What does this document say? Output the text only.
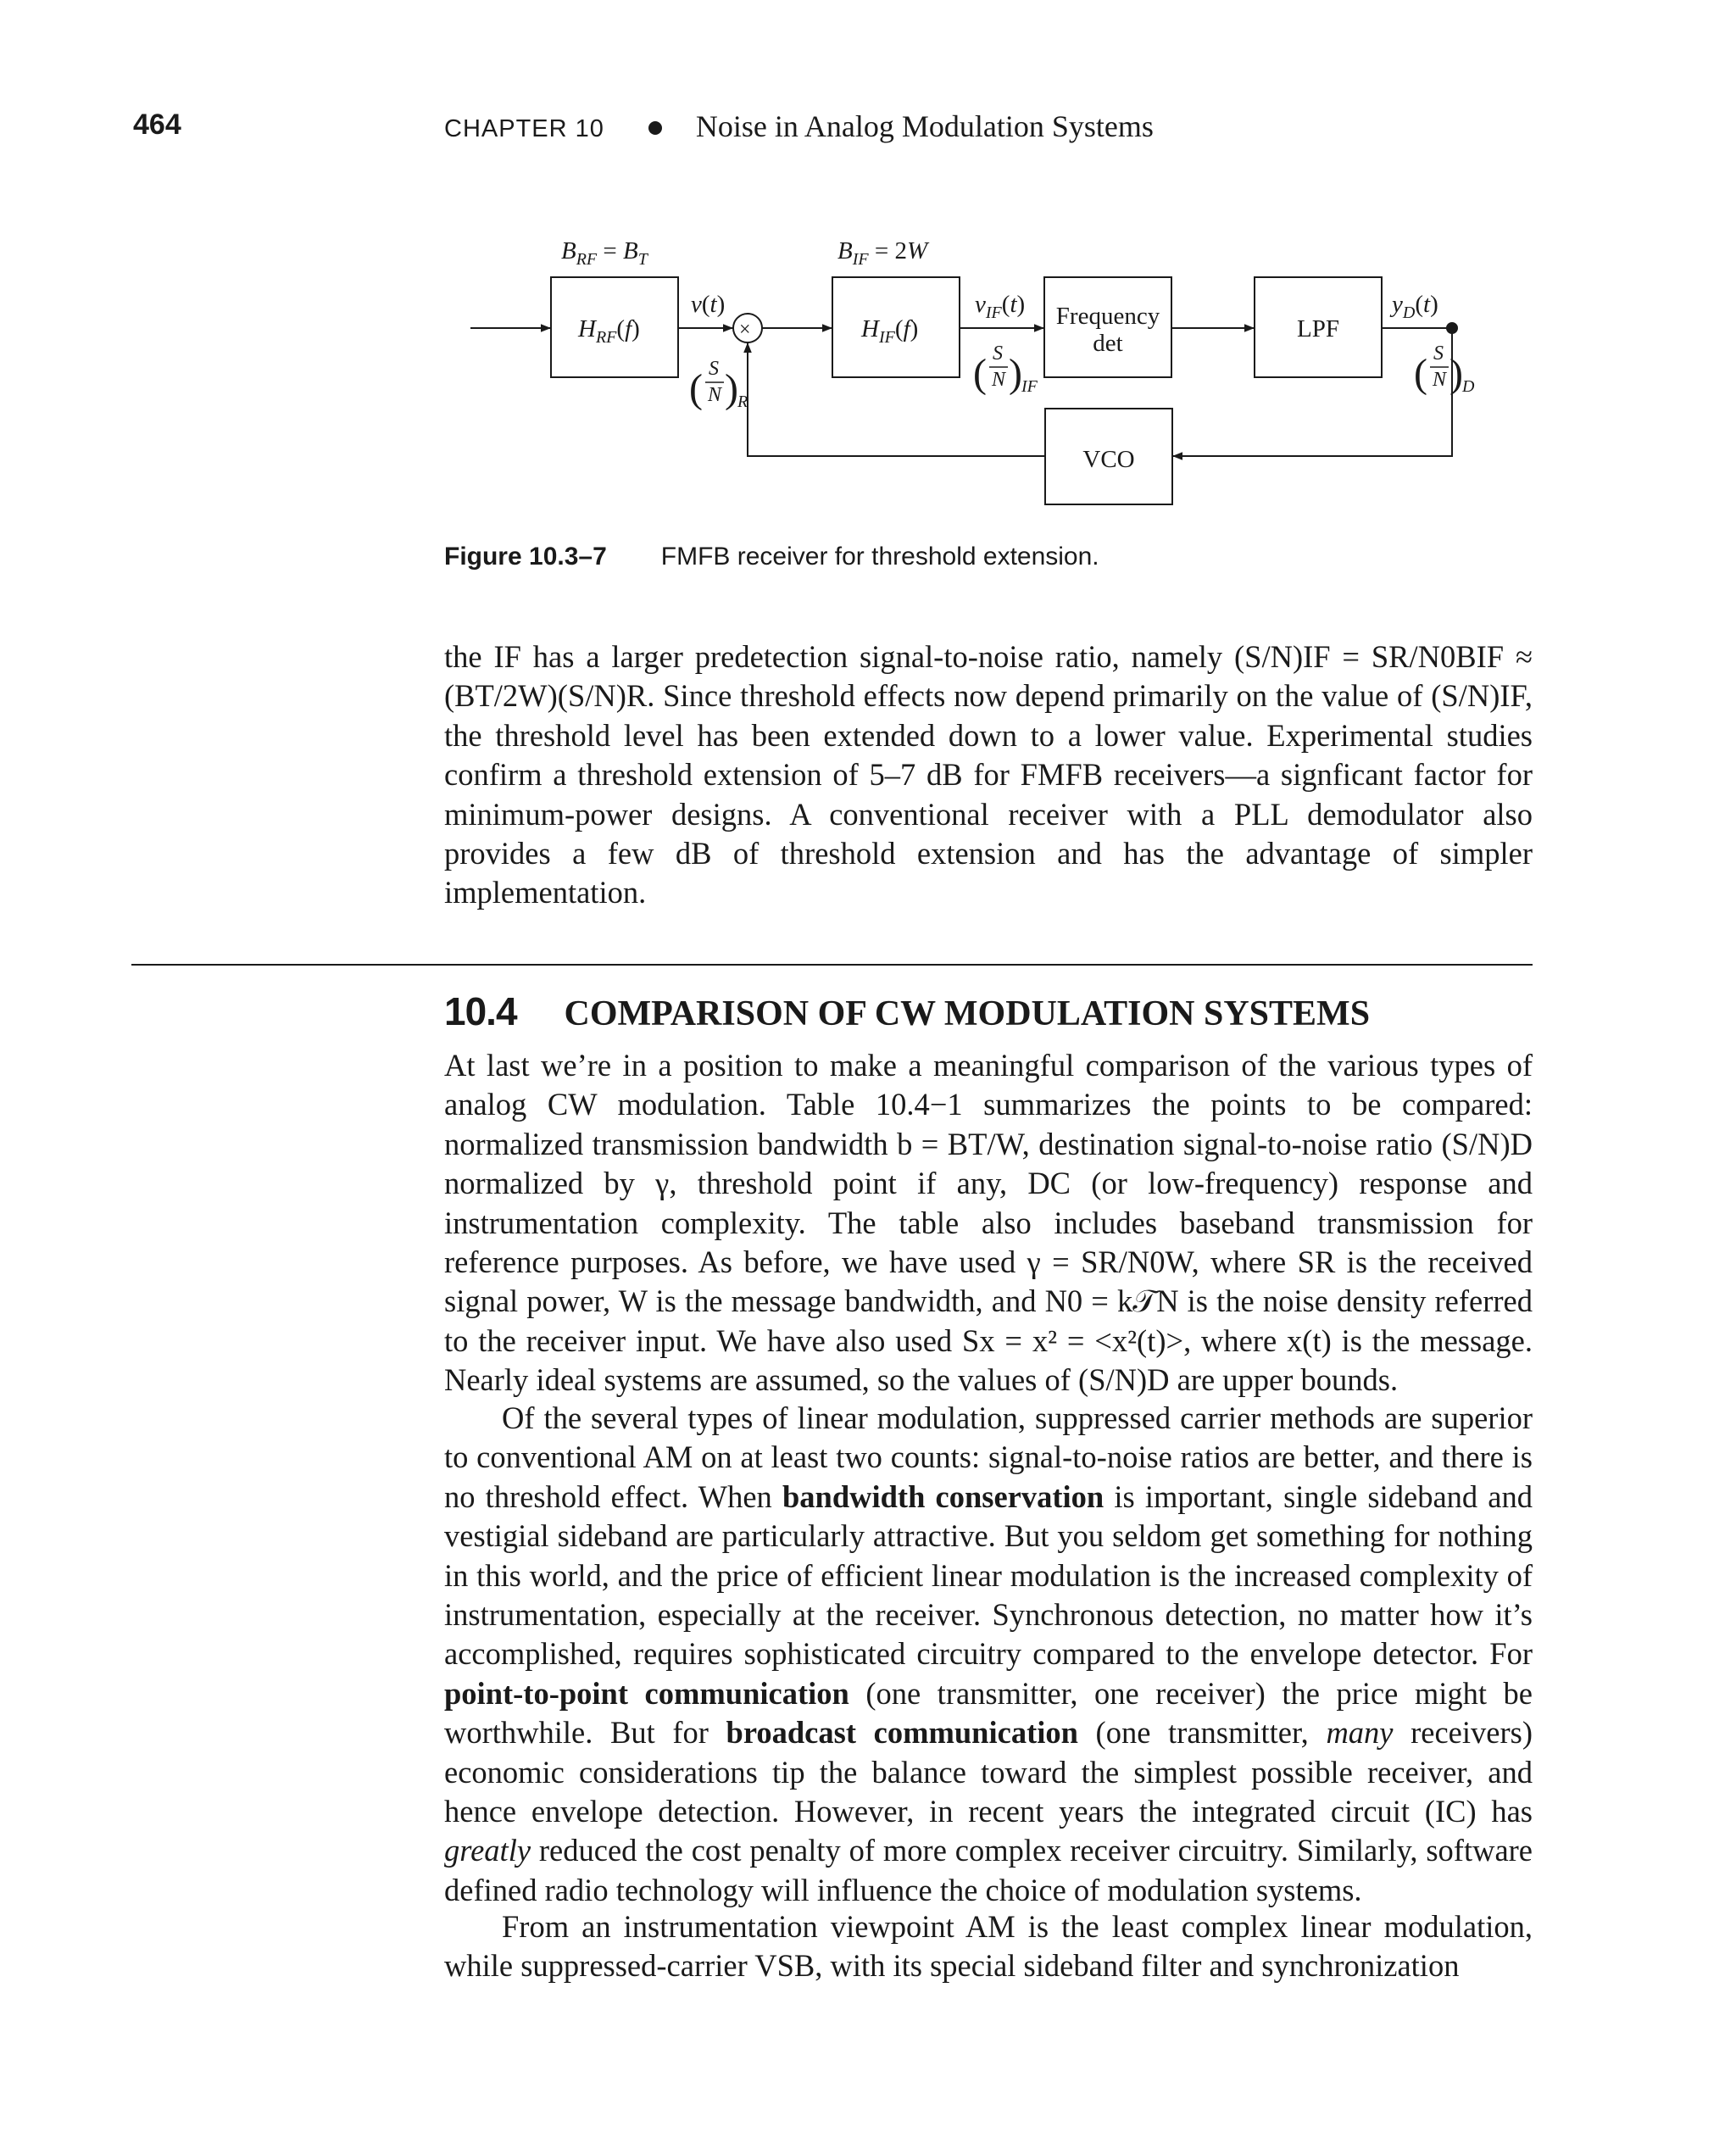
464	CHAPTER 10	Noise in Analog Modulation Systems
$B_{RF} = B_T$	$B_{IF} = 2W$
$H_{RF}(f)$	$H_{IF}(f)$
×	Frequency
det
LPF
VCO
v(t)	$v_{IF}(t)$	$y_D(t)$
( S
N ) R
( S
N ) IF	( S
N ) D
Figure 10.3–7 FMFB receiver for threshold extension.

the IF has a larger predetection signal-to-noise ratio, namely (S/N)IF = SR/N0BIF ≈ (BT/2W)(S/N)R. Since threshold effects now depend primarily on the value of (S/N)IF, the threshold level has been extended down to a lower value. Experimental studies confirm a threshold extension of 5–7 dB for FMFB receivers—a signficant factor for minimum-power designs. A conventional receiver with a PLL demodulator also provides a few dB of threshold extension and has the advantage of simpler implementation.

10.4 COMPARISON OF CW MODULATION SYSTEMS

At last we’re in a position to make a meaningful comparison of the various types of analog CW modulation. Table 10.4−1 summarizes the points to be compared: normalized transmission bandwidth b = BT/W, destination signal-to-noise ratio (S/N)D normalized by γ, threshold point if any, DC (or low-frequency) response and instrumentation complexity. The table also includes baseband transmission for reference purposes. As before, we have used γ = SR/N0W, where SR is the received signal power, W is the message bandwidth, and N0 = k𝒯N is the noise density referred to the receiver input. We have also used Sx = x² = <x²(t)>, where x(t) is the message. Nearly ideal systems are assumed, so the values of (S/N)D are upper bounds.

Of the several types of linear modulation, suppressed carrier methods are superior to conventional AM on at least two counts: signal-to-noise ratios are better, and there is no threshold effect. When bandwidth conservation is important, single sideband and vestigial sideband are particularly attractive. But you seldom get something for nothing in this world, and the price of efficient linear modulation is the increased complexity of instrumentation, especially at the receiver. Synchronous detection, no matter how it’s accomplished, requires sophisticated circuitry compared to the envelope detector. For point-to-point communication (one transmitter, one receiver) the price might be worthwhile. But for broadcast communication (one transmitter, many receivers) economic considerations tip the balance toward the simplest possible receiver, and hence envelope detection. However, in recent years the integrated circuit (IC) has greatly reduced the cost penalty of more complex receiver circuitry. Similarly, software defined radio technology will influence the choice of modulation systems.

From an instrumentation viewpoint AM is the least complex linear modulation, while suppressed-carrier VSB, with its special sideband filter and synchronization
